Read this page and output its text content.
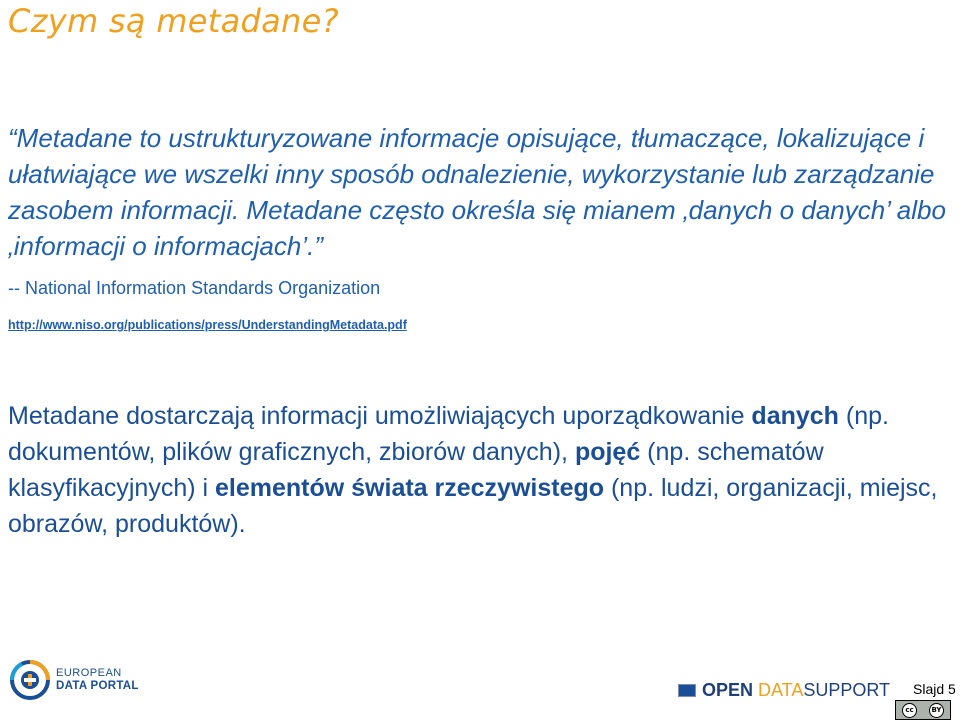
Czym są metadane?

“Metadane to ustrukturyzowane informacje opisujące, tłumaczące, lokalizujące i ułatwiające we wszelki inny sposób odnalezienie, wykorzystanie lub zarządzanie zasobem informacji. Metadane często określa się mianem ‚danych o danych’ albo ‚informacji o informacjach’.”

-- National Information Standards Organization

http://www.niso.org/publications/press/UnderstandingMetadata.pdf

Metadane dostarczają informacji umożliwiających uporządkowanie danych (np. dokumentów, plików graficznych, zbiorów danych), pojęć (np. schematów klasyfikacyjnych) i elementów świata rzeczywistego (np. ludzi, organizacji, miejsc, obrazów, produktów).

EUROPEAN
DATA PORTAL	OPEN DATA SUPPORT Slajd 5
cc	BY
